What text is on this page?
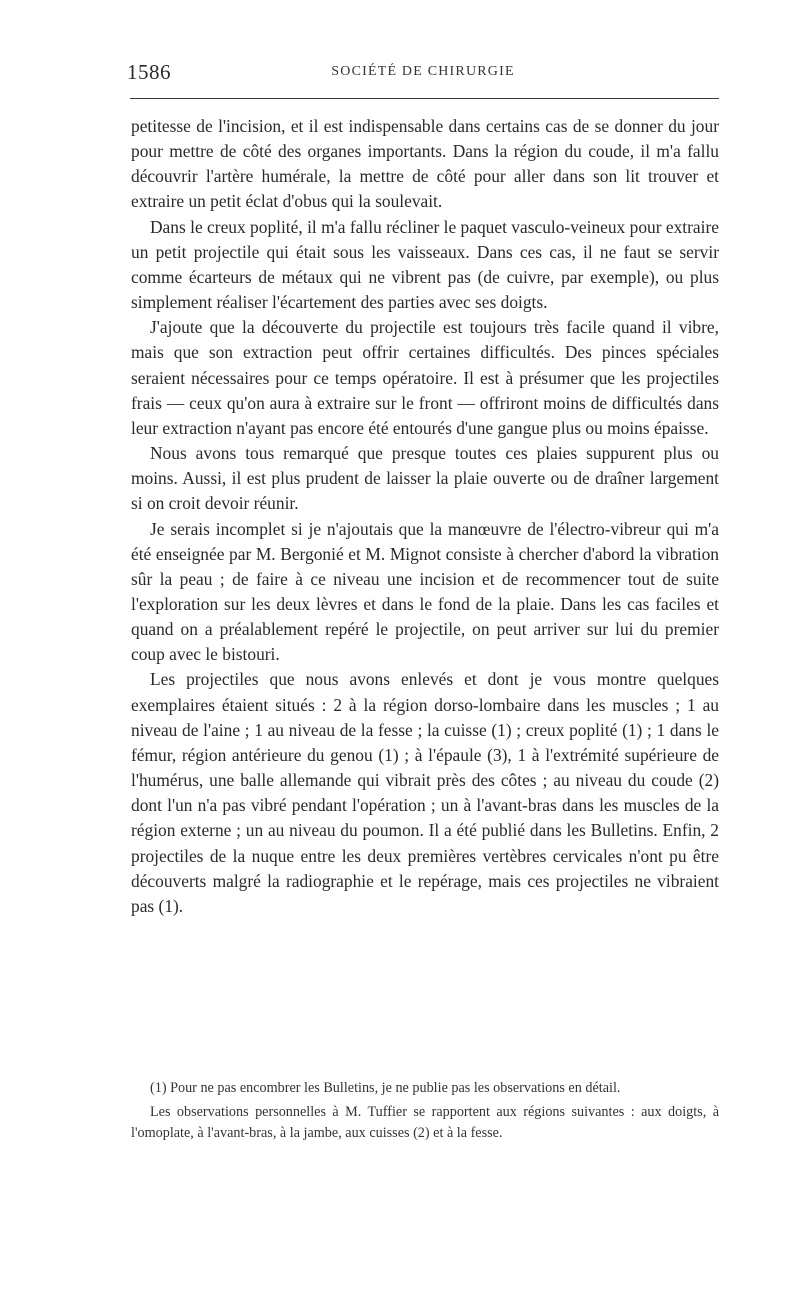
1586	SOCIÉTÉ DE CHIRURGIE

petitesse de l'incision, et il est indispensable dans certains cas de se donner du jour pour mettre de côté des organes importants. Dans la région du coude, il m'a fallu découvrir l'artère humérale, la mettre de côté pour aller dans son lit trouver et extraire un petit éclat d'obus qui la soulevait.

Dans le creux poplité, il m'a fallu récliner le paquet vasculo-veineux pour extraire un petit projectile qui était sous les vaisseaux. Dans ces cas, il ne faut se servir comme écarteurs de métaux qui ne vibrent pas (de cuivre, par exemple), ou plus simplement réaliser l'écartement des parties avec ses doigts.

J'ajoute que la découverte du projectile est toujours très facile quand il vibre, mais que son extraction peut offrir certaines difficultés. Des pinces spéciales seraient nécessaires pour ce temps opératoire. Il est à présumer que les projectiles frais — ceux qu'on aura à extraire sur le front — offriront moins de difficultés dans leur extraction n'ayant pas encore été entourés d'une gangue plus ou moins épaisse.

Nous avons tous remarqué que presque toutes ces plaies suppurent plus ou moins. Aussi, il est plus prudent de laisser la plaie ouverte ou de draîner largement si on croit devoir réunir.

Je serais incomplet si je n'ajoutais que la manœuvre de l'électro-vibreur qui m'a été enseignée par M. Bergonié et M. Mignot consiste à chercher d'abord la vibration sûr la peau ; de faire à ce niveau une incision et de recommencer tout de suite l'exploration sur les deux lèvres et dans le fond de la plaie. Dans les cas faciles et quand on a préalablement repéré le projectile, on peut arriver sur lui du premier coup avec le bistouri.

Les projectiles que nous avons enlevés et dont je vous montre quelques exemplaires étaient situés : 2 à la région dorso-lombaire dans les muscles ; 1 au niveau de l'aine ; 1 au niveau de la fesse ; la cuisse (1) ; creux poplité (1) ; 1 dans le fémur, région antérieure du genou (1) ; à l'épaule (3), 1 à l'extrémité supérieure de l'humérus, une balle allemande qui vibrait près des côtes ; au niveau du coude (2) dont l'un n'a pas vibré pendant l'opération ; un à l'avant-bras dans les muscles de la région externe ; un au niveau du poumon. Il a été publié dans les Bulletins. Enfin, 2 projectiles de la nuque entre les deux premières vertèbres cervicales n'ont pu être découverts malgré la radiographie et le repérage, mais ces projectiles ne vibraient pas (1).

(1) Pour ne pas encombrer les Bulletins, je ne publie pas les observations en détail.

Les observations personnelles à M. Tuffier se rapportent aux régions suivantes : aux doigts, à l'omoplate, à l'avant-bras, à la jambe, aux cuisses (2) et à la fesse.
